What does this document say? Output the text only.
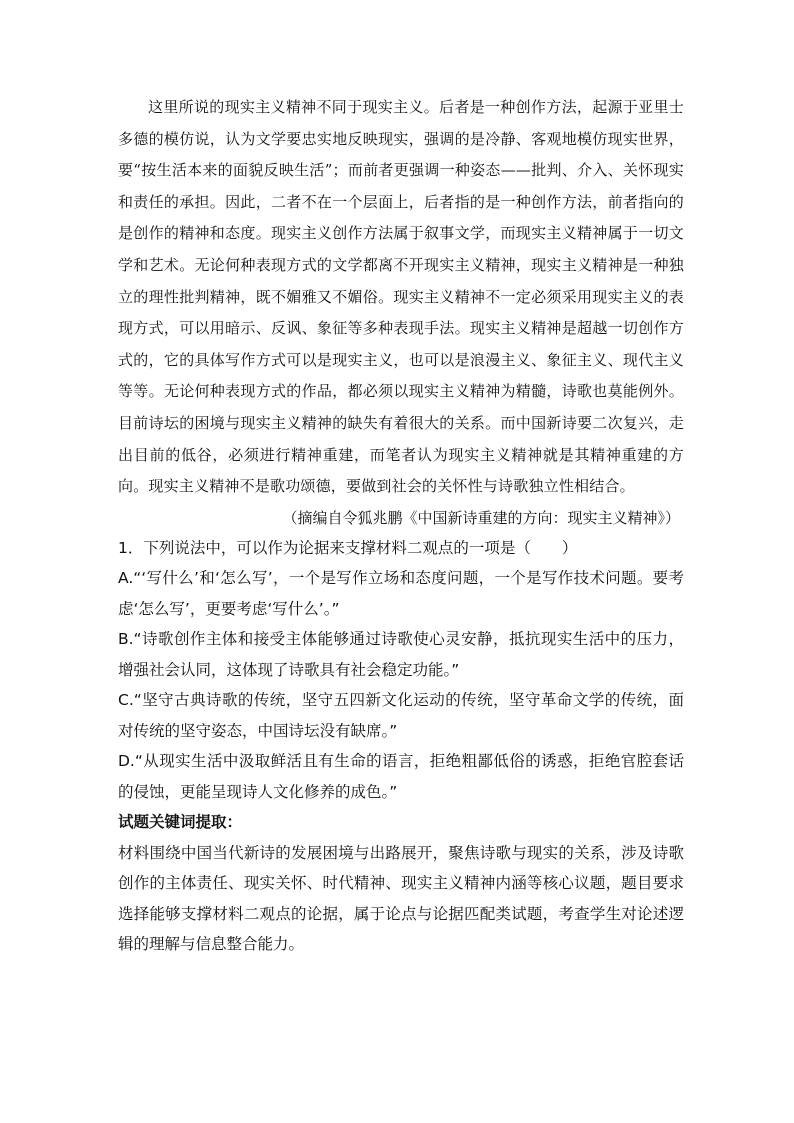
这里所说的现实主义精神不同于现实主义。后者是一种创作方法，起源于亚里士多德的模仿说，认为文学要忠实地反映现实，强调的是冷静、客观地模仿现实世界，要“按生活本来的面貌反映生活”；而前者更强调一种姿态——批判、介入、关怀现实和责任的承担。因此，二者不在一个层面上，后者指的是一种创作方法，前者指向的是创作的精神和态度。现实主义创作方法属于叙事文学，而现实主义精神属于一切文学和艺术。无论何种表现方式的文学都离不开现实主义精神，现实主义精神是一种独立的理性批判精神，既不媚雅又不媚俗。现实主义精神不一定必须采用现实主义的表现方式，可以用暗示、反讽、象征等多种表现手法。现实主义精神是超越一切创作方式的，它的具体写作方式可以是现实主义，也可以是浪漫主义、象征主义、现代主义等等。无论何种表现方式的作品，都必须以现实主义精神为精髓，诗歌也莫能例外。目前诗坛的困境与现实主义精神的缺失有着很大的关系。而中国新诗要二次复兴，走出目前的低谷，必须进行精神重建，而笔者认为现实主义精神就是其精神重建的方向。现实主义精神不是歌功颂德，要做到社会的关怀性与诗歌独立性相结合。

（摘编自令狐兆鹏《中国新诗重建的方向：现实主义精神》）

1．下列说法中，可以作为论据来支撑材料二观点的一项是（　　）

A.“‘写什么’和‘怎么写’，一个是写作立场和态度问题，一个是写作技术问题。要考虑‘怎么写’，更要考虑‘写什么’。”

B.“诗歌创作主体和接受主体能够通过诗歌使心灵安静，抵抗现实生活中的压力，增强社会认同，这体现了诗歌具有社会稳定功能。”

C.“坚守古典诗歌的传统，坚守五四新文化运动的传统，坚守革命文学的传统，面对传统的坚守姿态，中国诗坛没有缺席。”

D.“从现实生活中汲取鲜活且有生命的语言，拒绝粗鄙低俗的诱惑，拒绝官腔套话的侵蚀，更能呈现诗人文化修养的成色。”

试题关键词提取：

材料围绕中国当代新诗的发展困境与出路展开，聚焦诗歌与现实的关系，涉及诗歌创作的主体责任、现实关怀、时代精神、现实主义精神内涵等核心议题，题目要求选择能够支撑材料二观点的论据，属于论点与论据匹配类试题，考查学生对论述逻辑的理解与信息整合能力。
